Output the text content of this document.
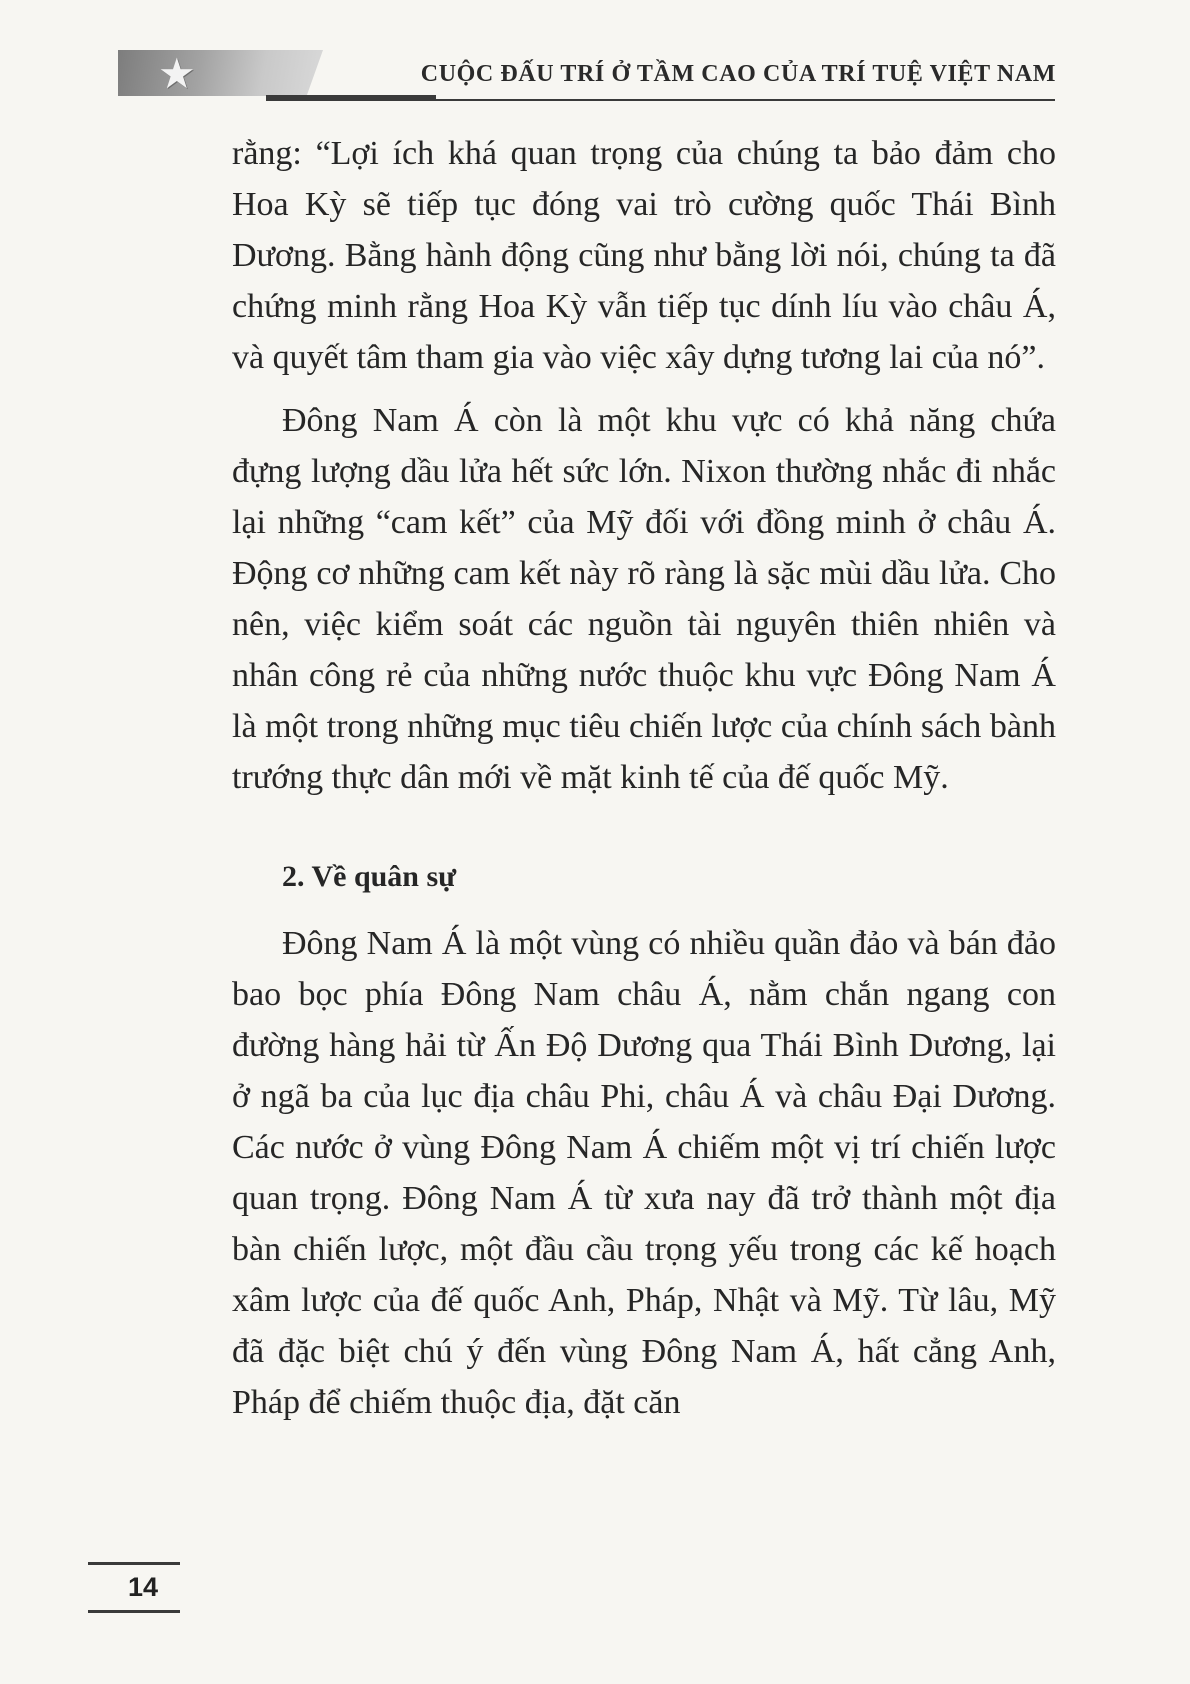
★	CUỘC ĐẤU TRÍ Ở TẦM CAO CỦA TRÍ TUỆ VIỆT NAM

rằng: “Lợi ích khá quan trọng của chúng ta bảo đảm cho Hoa Kỳ sẽ tiếp tục đóng vai trò cường quốc Thái Bình Dương. Bằng hành động cũng như bằng lời nói, chúng ta đã chứng minh rằng Hoa Kỳ vẫn tiếp tục dính líu vào châu Á, và quyết tâm tham gia vào việc xây dựng tương lai của nó”.

Đông Nam Á còn là một khu vực có khả năng chứa đựng lượng dầu lửa hết sức lớn. Nixon thường nhắc đi nhắc lại những “cam kết” của Mỹ đối với đồng minh ở châu Á. Động cơ những cam kết này rõ ràng là sặc mùi dầu lửa. Cho nên, việc kiểm soát các nguồn tài nguyên thiên nhiên và nhân công rẻ của những nước thuộc khu vực Đông Nam Á là một trong những mục tiêu chiến lược của chính sách bành trướng thực dân mới về mặt kinh tế của đế quốc Mỹ.

2. Về quân sự

Đông Nam Á là một vùng có nhiều quần đảo và bán đảo bao bọc phía Đông Nam châu Á, nằm chắn ngang con đường hàng hải từ Ấn Độ Dương qua Thái Bình Dương, lại ở ngã ba của lục địa châu Phi, châu Á và châu Đại Dương. Các nước ở vùng Đông Nam Á chiếm một vị trí chiến lược quan trọng. Đông Nam Á từ xưa nay đã trở thành một địa bàn chiến lược, một đầu cầu trọng yếu trong các kế hoạch xâm lược của đế quốc Anh, Pháp, Nhật và Mỹ. Từ lâu, Mỹ đã đặc biệt chú ý đến vùng Đông Nam Á, hất cẳng Anh, Pháp để chiếm thuộc địa, đặt căn

14
